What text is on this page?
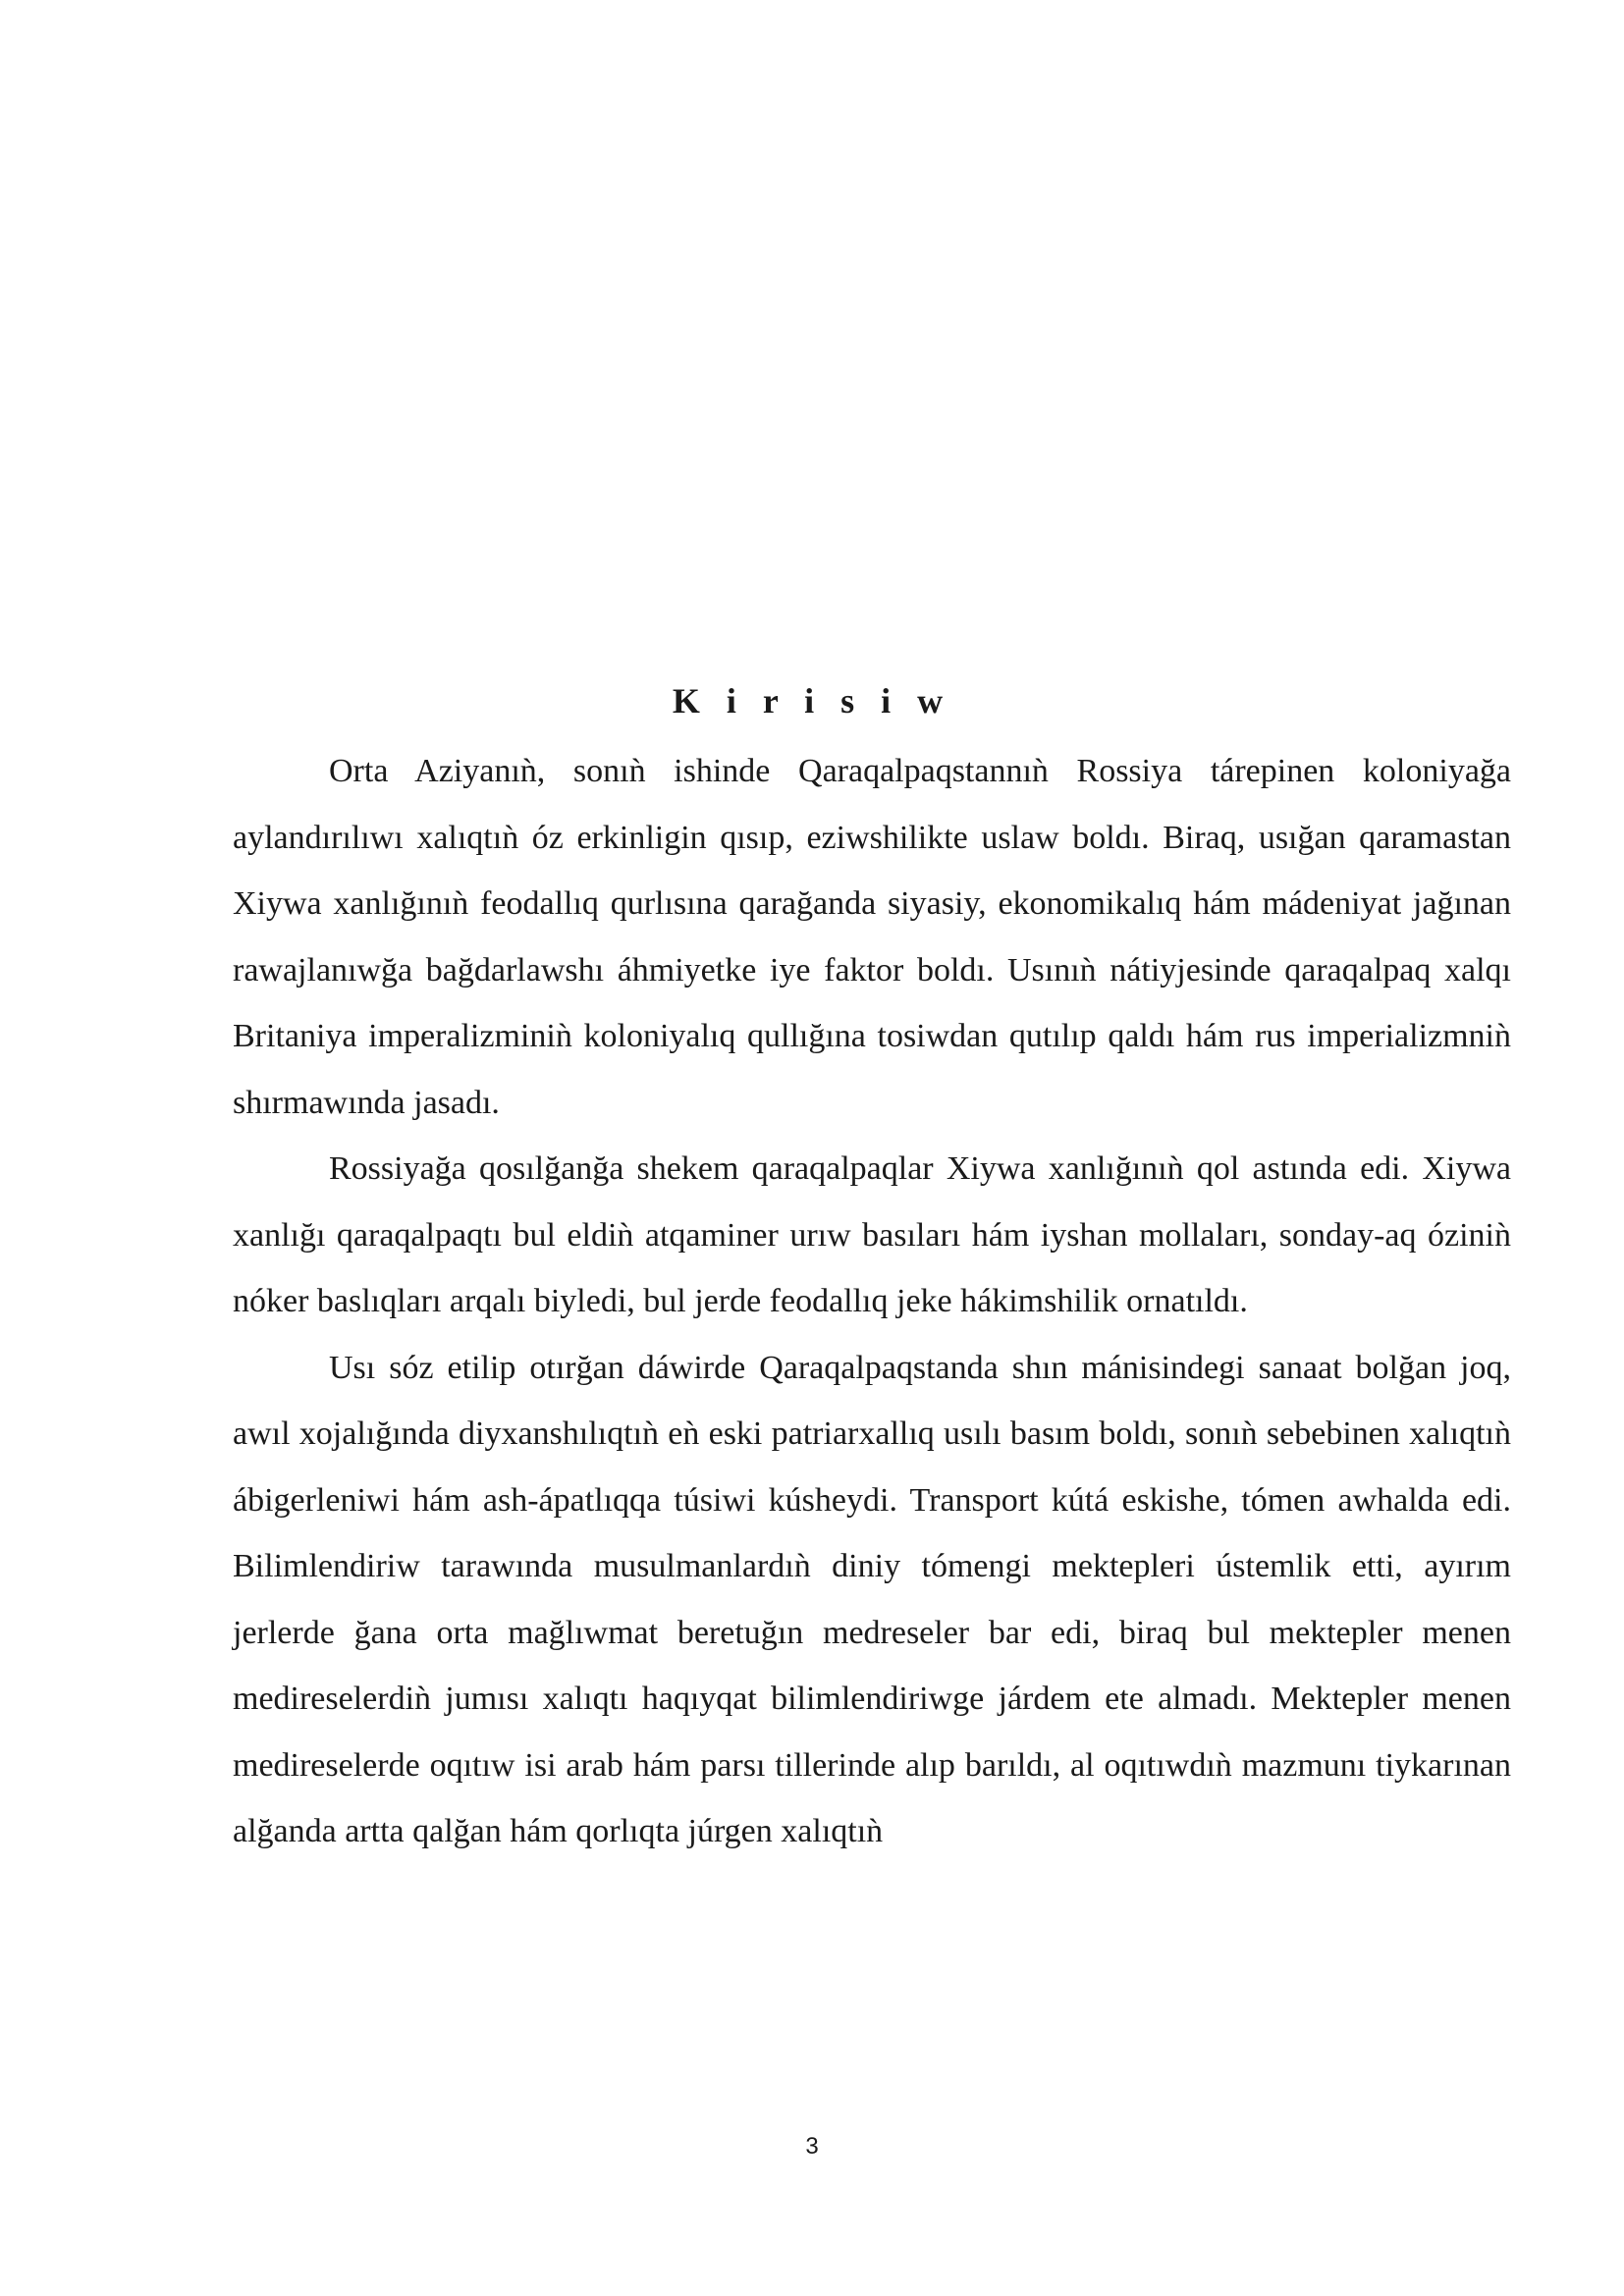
K i r i s i w

Orta Aziyanıǹ, sonıǹ ishinde Qaraqalpaqstannıǹ Rossiya tárepinen koloniyağa aylandırılıwı xalıqtıǹ óz erkinligin qısıp, eziwshilikte uslaw boldı. Biraq, usığan qaramastan Xiywa xanlığınıǹ feodallıq qurlısına qarağanda siyasiy, ekonomikalıq hám mádeniyat jağınan rawajlanıwğa bağdarlawshı áhmiyetke iye faktor boldı. Usınıǹ nátiyjesinde qaraqalpaq xalqı Britaniya imperalizminiǹ koloniyalıq qullığına tosiwdan qutılıp qaldı hám rus imperializmniǹ shırmawında jasadı.

Rossiyağa qosılğanğa shekem qaraqalpaqlar Xiywa xanlığınıǹ qol astında edi. Xiywa xanlığı qaraqalpaqtı bul eldiǹ atqaminer urıw basıları hám iyshan mollaları, sonday-aq óziniǹ nóker baslıqları arqalı biyledi, bul jerde feodallıq jeke hákimshilik ornatıldı.

Usı sóz etilip otırğan dáwirde Qaraqalpaqstanda shın mánisindegi sanaat bolğan joq, awıl xojalığında diyxanshılıqtıǹ eǹ eski patriarxallıq usılı basım boldı, sonıǹ sebebinen xalıqtıǹ ábigerleniwi hám ash-ápatlıqqa túsiwi kúsheydi. Transport kútá eskishe, tómen awhalda edi. Bilimlendiriw tarawında musulmanlardıǹ diniy tómengi mektepleri ústemlik etti, ayırım jerlerde ğana orta mağlıwmat beretuğın medreseler bar edi, biraq bul mektepler menen medireselerdiǹ jumısı xalıqtı haqıyqat bilimlendiriwge járdem ete almadı. Mektepler menen medireselerde oqıtıw isi arab hám parsı tillerinde alıp barıldı, al oqıtıwdıǹ mazmunı tiykarınan alğanda artta qalğan hám qorlıqta júrgen xalıqtıǹ

3
